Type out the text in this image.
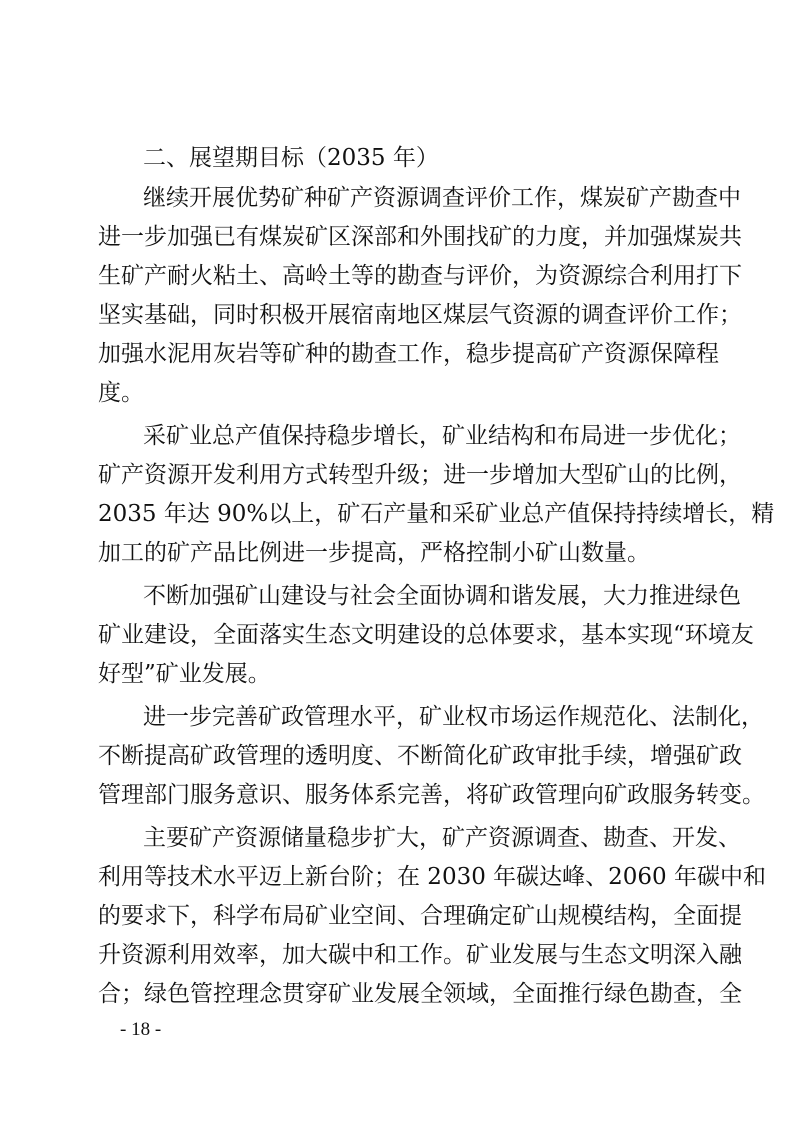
二、展望期目标（2035 年）
继续开展优势矿种矿产资源调查评价工作，煤炭矿产勘查中
进一步加强已有煤炭矿区深部和外围找矿的力度，并加强煤炭共
生矿产耐火粘土、高岭土等的勘查与评价，为资源综合利用打下
坚实基础，同时积极开展宿南地区煤层气资源的调查评价工作；
加强水泥用灰岩等矿种的勘查工作，稳步提高矿产资源保障程
度。
采矿业总产值保持稳步增长，矿业结构和布局进一步优化；
矿产资源开发利用方式转型升级；进一步增加大型矿山的比例，
2035 年达 90%以上，矿石产量和采矿业总产值保持持续增长，精
加工的矿产品比例进一步提高，严格控制小矿山数量。
不断加强矿山建设与社会全面协调和谐发展，大力推进绿色
矿业建设，全面落实生态文明建设的总体要求，基本实现“环境友
好型”矿业发展。
进一步完善矿政管理水平，矿业权市场运作规范化、法制化，
不断提高矿政管理的透明度、不断简化矿政审批手续，增强矿政
管理部门服务意识、服务体系完善，将矿政管理向矿政服务转变。
主要矿产资源储量稳步扩大，矿产资源调查、勘查、开发、
利用等技术水平迈上新台阶；在 2030 年碳达峰、2060 年碳中和
的要求下，科学布局矿业空间、合理确定矿山规模结构，全面提
升资源利用效率，加大碳中和工作。矿业发展与生态文明深入融
合；绿色管控理念贯穿矿业发展全领域，全面推行绿色勘查，全
- 18 -
